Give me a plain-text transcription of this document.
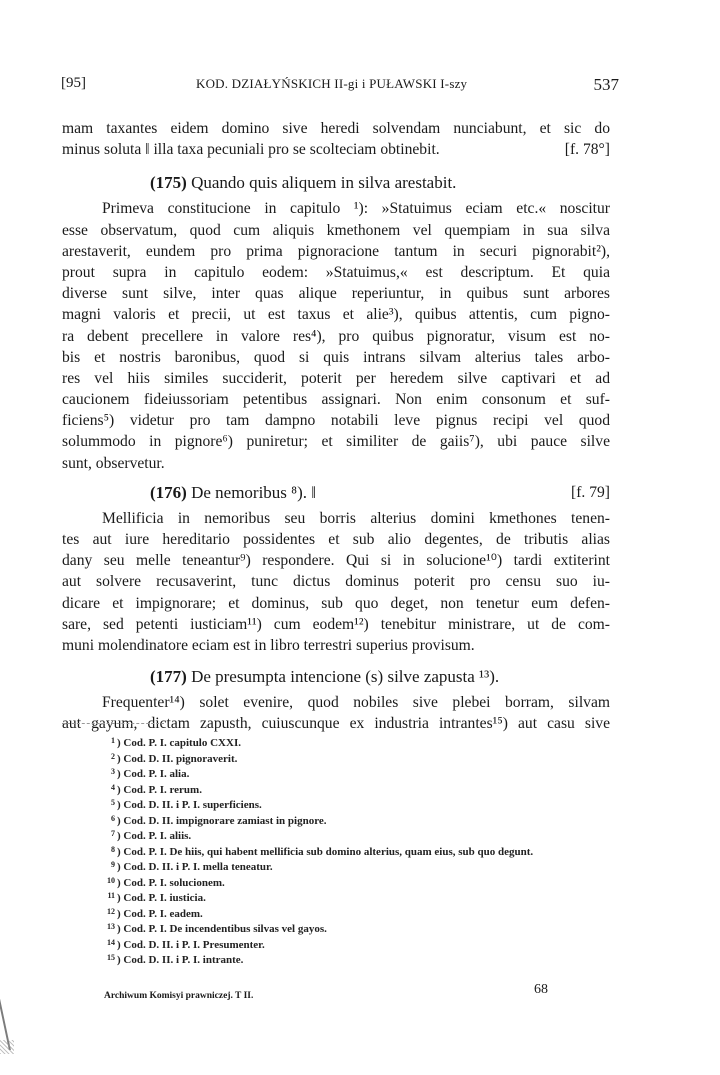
[95]	KOD. DZIAŁYŃSKICH II-gi i PUŁAWSKI I-szy	537
mam taxantes eidem domino sive heredi solvendam nunciabunt, et sic do
minus soluta ‖ illa taxa pecuniali pro se scolteciam obtinebit.	[f. 78°]
(175) Quando quis aliquem in silva arestabit.
Primeva constitucione in capitulo ¹): »Statuimus eciam etc.« noscitur
esse observatum, quod cum aliquis kmethonem vel quempiam in sua silva
arestaverit, eundem pro prima pignoracione tantum in securi pignorabit²),
prout supra in capitulo eodem: »Statuimus,« est descriptum. Et quia
diverse sunt silve, inter quas alique reperiuntur, in quibus sunt arbores
magni valoris et precii, ut est taxus et alie³), quibus attentis, cum pigno-
ra debent precellere in valore res⁴), pro quibus pignoratur, visum est no-
bis et nostris baronibus, quod si quis intrans silvam alterius tales arbo-
res vel hiis similes succiderit, poterit per heredem silve captivari et ad
caucionem fideiussoriam petentibus assignari. Non enim consonum et suf-
ficiens⁵) videtur pro tam dampno notabili leve pignus recipi vel quod
solummodo in pignore⁶) puniretur; et similiter de gaiis⁷), ubi pauce silve
sunt, observetur.
(176) De nemoribus ⁸). ‖	[f. 79]
Mellificia in nemoribus seu borris alterius domini kmethones tenen-
tes aut iure hereditario possidentes et sub alio degentes, de tributis alias
dany seu melle teneantur⁹) respondere. Qui si in solucione¹⁰) tardi extiterint
aut solvere recusaverint, tunc dictus dominus poterit pro censu suo iu-
dicare et impignorare; et dominus, sub quo deget, non tenetur eum defen-
sare, sed petenti iusticiam¹¹) cum eodem¹²) tenebitur ministrare, ut de com-
muni molendinatore eciam est in libro terrestri superius provisum.
(177) De presumpta intencione (s) silve zapusta ¹³).
Frequenter¹⁴) solet evenire, quod nobiles sive plebei borram, silvam
aut gayum, dictam zapusth, cuiuscunque ex industria intrantes¹⁵) aut casu sive
1 ) Cod. P. I. capitulo CXXI.
2 ) Cod. D. II. pignoraverit.
3 ) Cod. P. I. alia.
4 ) Cod. P. I. rerum.
5 ) Cod. D. II. i P. I. superficiens.
6 ) Cod. D. II. impignorare zamiast in pignore.
7 ) Cod. P. I. aliis.
8 ) Cod. P. I. De hiis, qui habent mellificia sub domino alterius, quam eius, sub quo degunt.
9 ) Cod. D. II. i P. I. mella teneatur.
10 ) Cod. P. I. solucionem.
11 ) Cod. P. I. iusticia.
12 ) Cod. P. I. eadem.
13 ) Cod. P. I. De incendentibus silvas vel gayos.
14 ) Cod. D. II. i P. I. Presumenter.
15 ) Cod. D. II. i P. I. intrante.
Archiwum Komisyi prawniczej. T II.	68
